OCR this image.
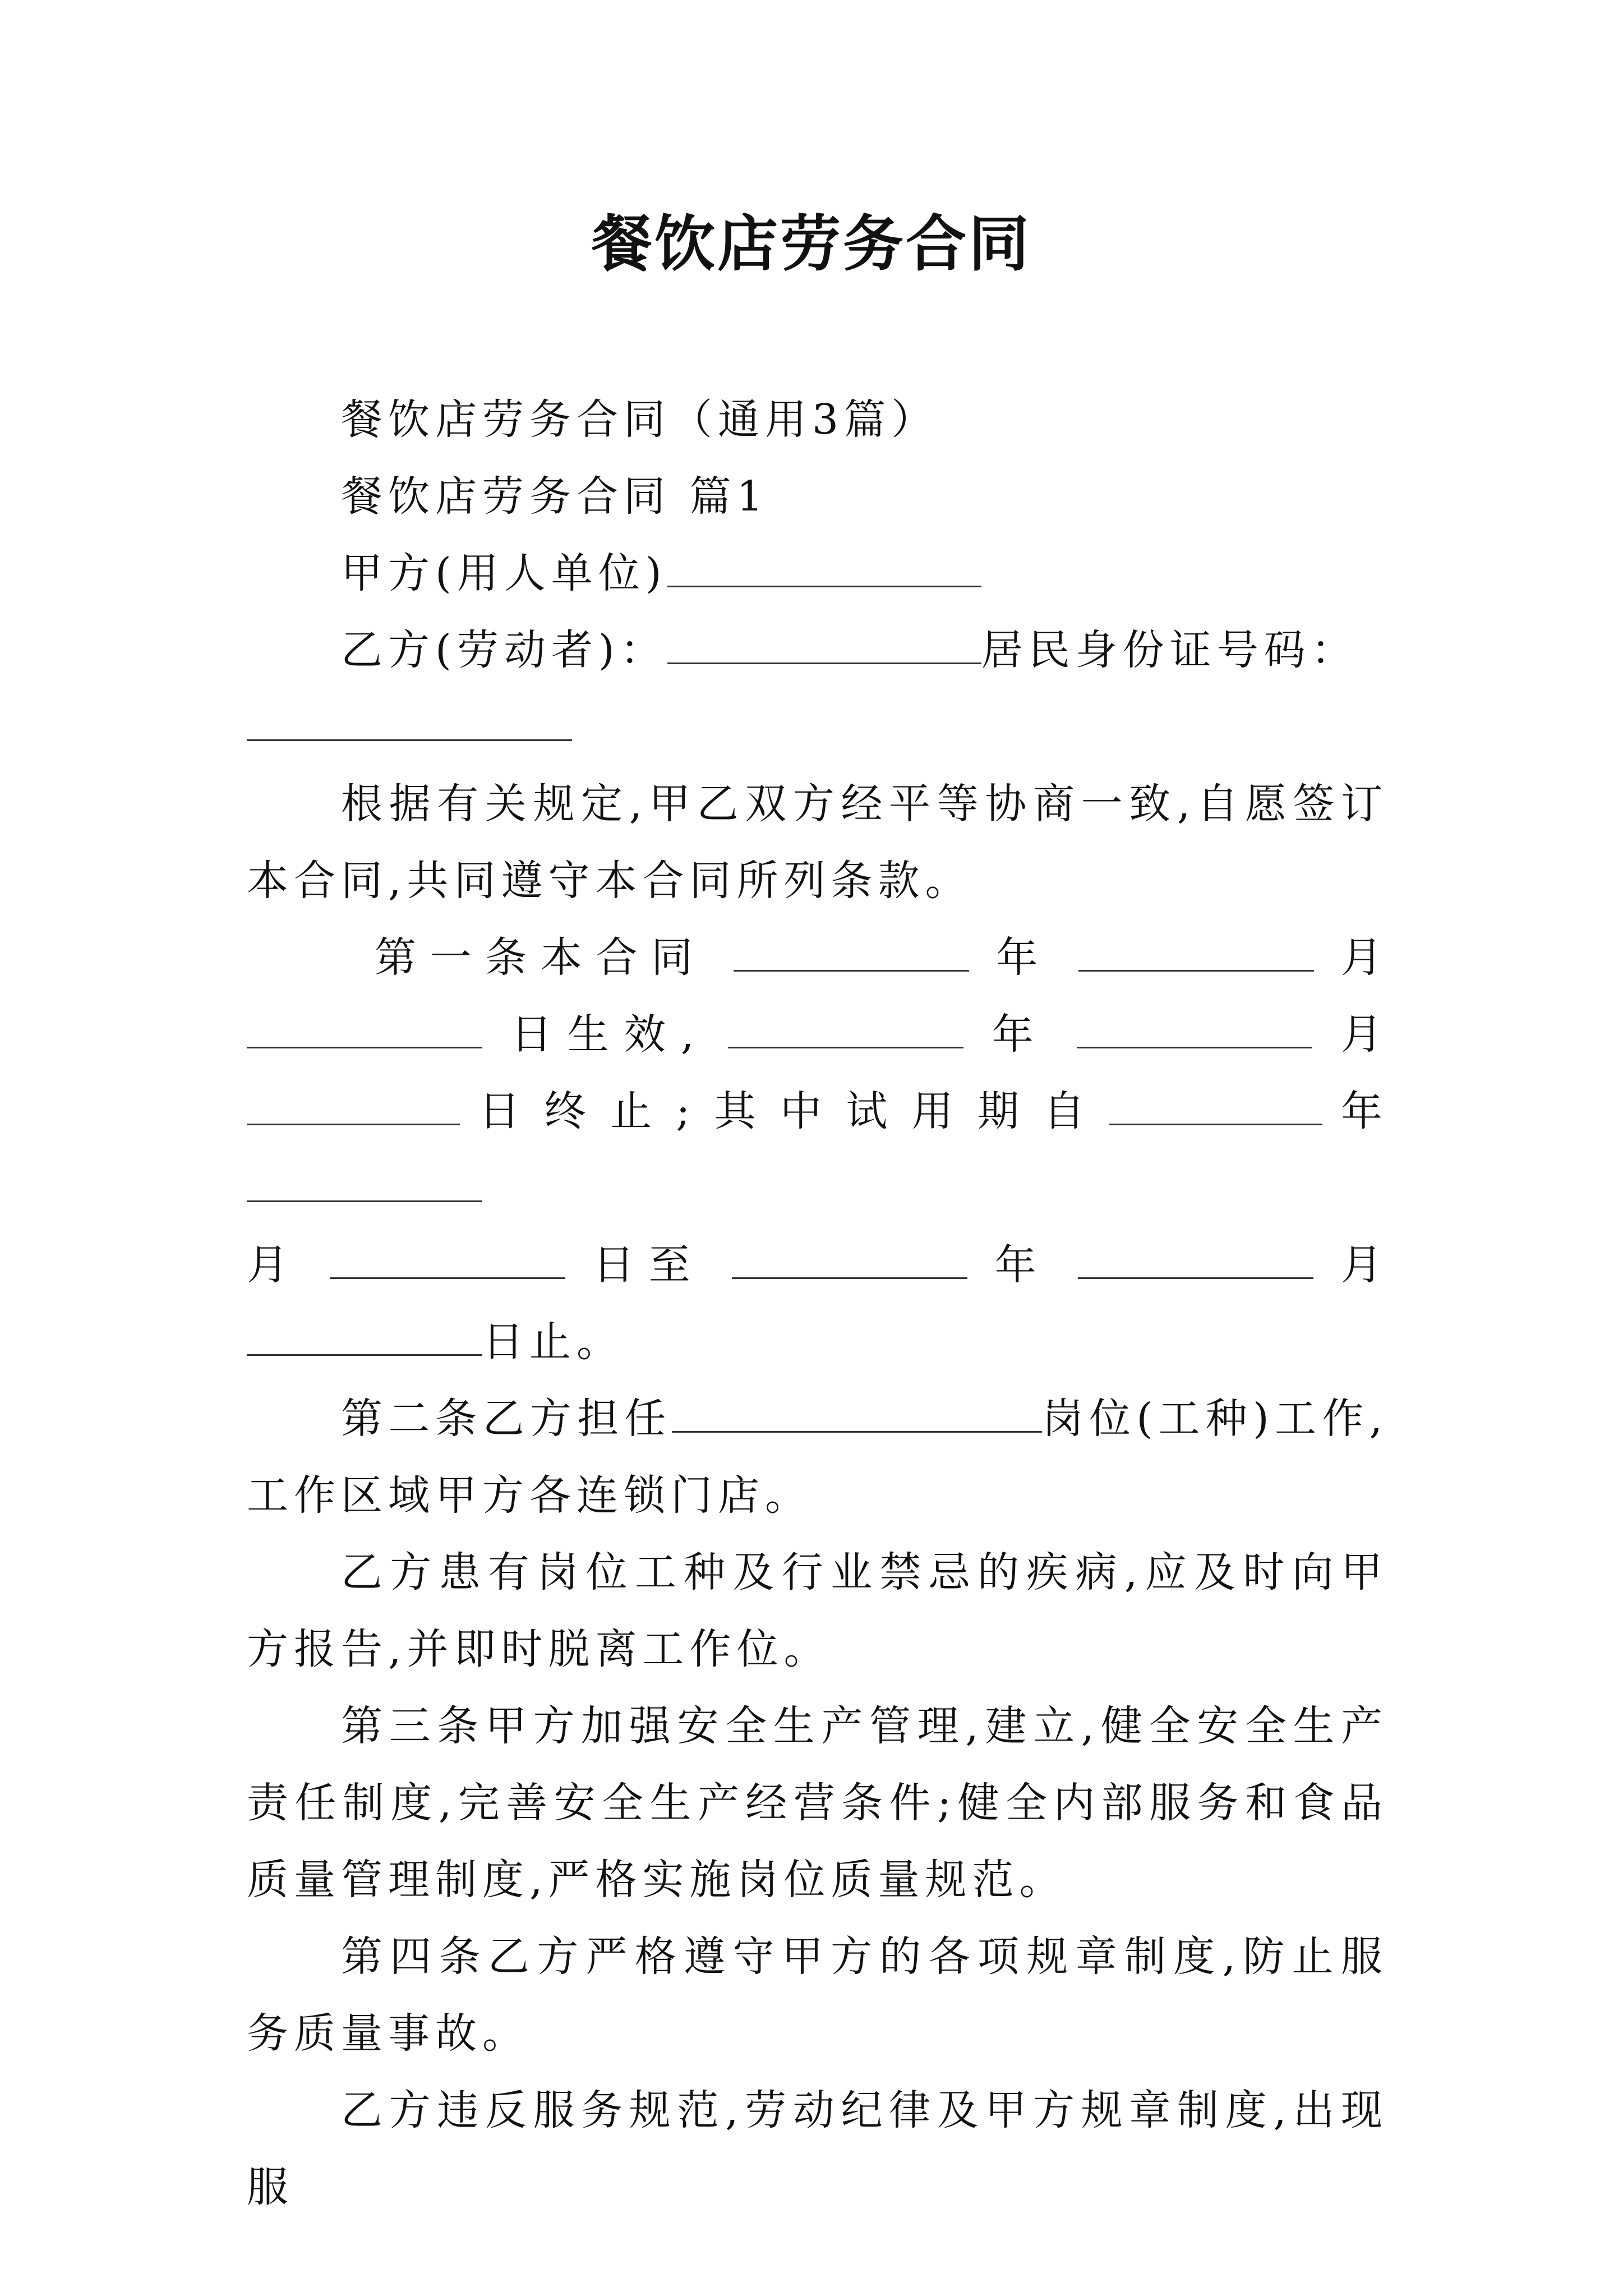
餐饮店劳务合同

餐饮店劳务合同（通用3篇）

餐饮店劳务合同 篇1

甲方(用人单位)

乙方(劳动者)：	居民身份证号码：

根据有关规定,甲乙双方经平等协商一致,自愿签订本合同,共同遵守本合同所列条款。

第一条本合同	年	月

日生效,	年	月

日终止;其中试用期自	年

月	日至	年	月

日止。

第二条乙方担任	岗位(工种)工作,工作区域甲方各连锁门店。

乙方患有岗位工种及行业禁忌的疾病,应及时向甲方报告,并即时脱离工作位。

第三条甲方加强安全生产管理,建立,健全安全生产责任制度,完善安全生产经营条件;健全内部服务和食品质量管理制度,严格实施岗位质量规范。

第四条乙方严格遵守甲方的各项规章制度,防止服务质量事故。

乙方违反服务规范,劳动纪律及甲方规章制度,出现服
